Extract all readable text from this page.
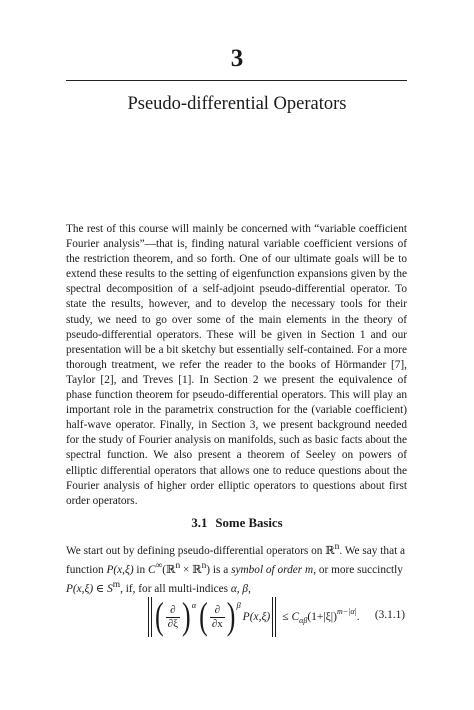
3
Pseudo-differential Operators

The rest of this course will mainly be concerned with “variable coefficient Fourier analysis”—that is, finding natural variable coefficient versions of the restriction theorem, and so forth. One of our ultimate goals will be to extend these results to the setting of eigenfunction expansions given by the spectral decomposition of a self-adjoint pseudo-differential operator. To state the results, however, and to develop the necessary tools for their study, we need to go over some of the main elements in the theory of pseudo-differential operators. These will be given in Section 1 and our presentation will be a bit sketchy but essentially self-contained. For a more thorough treatment, we refer the reader to the books of Hörmander [7], Taylor [2], and Treves [1]. In Section 2 we present the equivalence of phase function theorem for pseudo-differential operators. This will play an important role in the parametrix construction for the (variable coefficient) half-wave operator. Finally, in Section 3, we present background needed for the study of Fourier analysis on manifolds, such as basic facts about the spectral function. We also present a theorem of Seeley on powers of elliptic differential operators that allows one to reduce questions about the Fourier analysis of higher order elliptic operators to questions about first order operators.

3.1 Some Basics

We start out by defining pseudo-differential operators on ℝ$^n$. We say that a
function P(x,ξ) in C∞(ℝ$^n$ × ℝ$^n$) is a symbol of order m, or more succinctly
P(x,ξ) ∈ $S^m$, if, for all multi-indices α, β,

( $\frac{\partial}{\partial\xi}$ ) α ( $\frac{\partial}{\partial x}$ ) β
$P(x,\xi) \le C_{\alpha\beta}(1+|\xi|)^{m-|\alpha|}$. (3.1.1)
